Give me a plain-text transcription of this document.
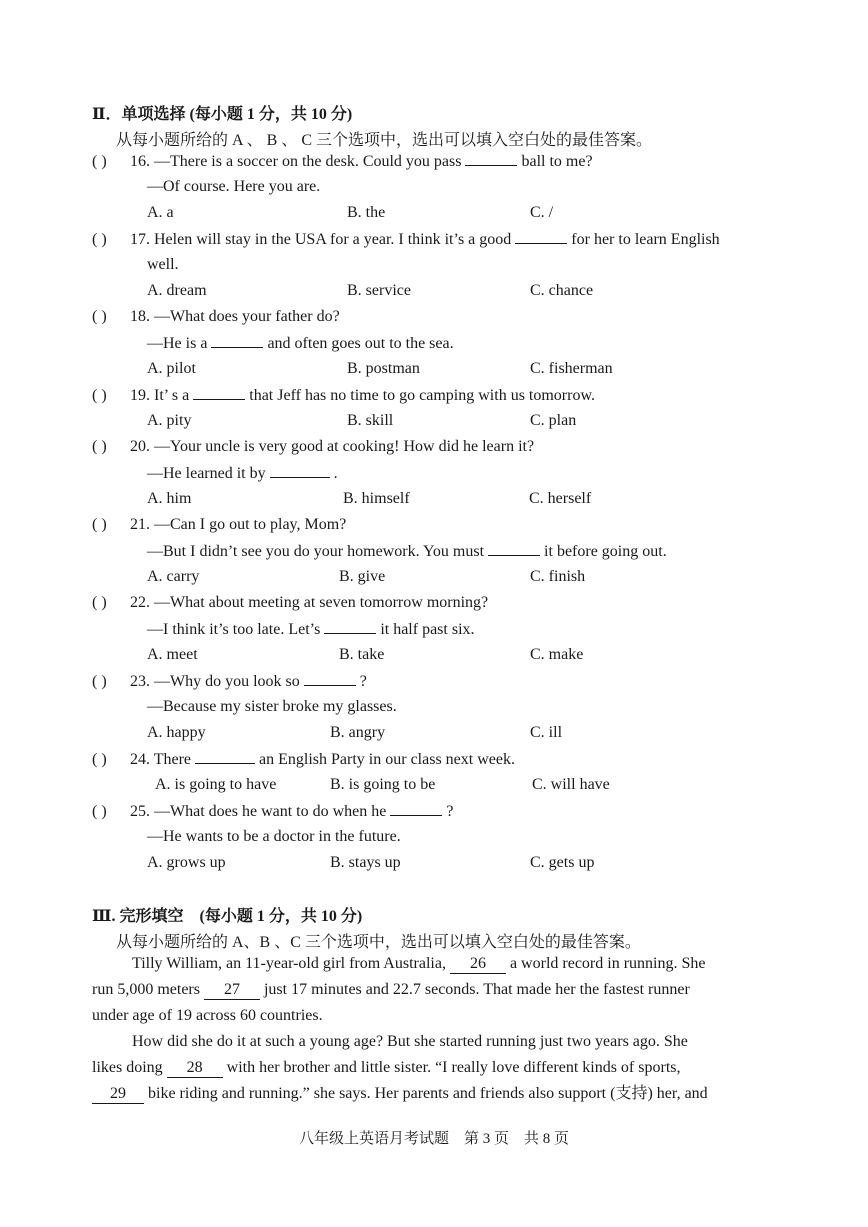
Ⅱ．单项选择 (每小题 1 分，共 10 分)
从每小题所给的 A 、 B 、 C 三个选项中，选出可以填入空白处的最佳答案。
( ) 16. —There is a soccer on the desk. Could you pass	ball to me?
—Of course. Here you are.
A. a	B. the	C. /
( ) 17. Helen will stay in the USA for a year. I think it’s a good	for her to learn English
well.
A. dream	B. service	C. chance
( ) 18. —What does your father do?
—He is a	and often goes out to the sea.
A. pilot	B. postman	C. fisherman
( ) 19. It’ s a	that Jeff has no time to go camping with us tomorrow.
A. pity	B. skill	C. plan
( ) 20. —Your uncle is very good at cooking! How did he learn it?
—He learned it by	.
A. him	B. himself	C. herself
( ) 21. —Can I go out to play, Mom?
—But I didn’t see you do your homework. You must	it before going out.
A. carry	B. give	C. finish
( ) 22. —What about meeting at seven tomorrow morning?
—I think it’s too late. Let’s	it half past six.
A. meet	B. take	C. make
( ) 23. —Why do you look so	?
—Because my sister broke my glasses.
A. happy	B. angry	C. ill
( ) 24. There	an English Party in our class next week.
A. is going to have	B. is going to be	C. will have
( ) 25. —What does he want to do when he	?
—He wants to be a doctor in the future.
A. grows up	B. stays up	C. gets up
Ⅲ. 完形填空　(每小题 1 分，共 10 分)
从每小题所给的 A、B 、C 三个选项中，选出可以填入空白处的最佳答案。
Tilly William, an 11-year-old girl from Australia, 26 a world record in running. She
run 5,000 meters 27 just 17 minutes and 22.7 seconds. That made her the fastest runner
under age of 19 across 60 countries.
How did she do it at such a young age? But she started running just two years ago. She
likes doing 28 with her brother and little sister. “I really love different kinds of sports,
29 bike riding and running.” she says. Her parents and friends also support (支持) her, and
八年级上英语月考试题　第 3 页　共 8 页
